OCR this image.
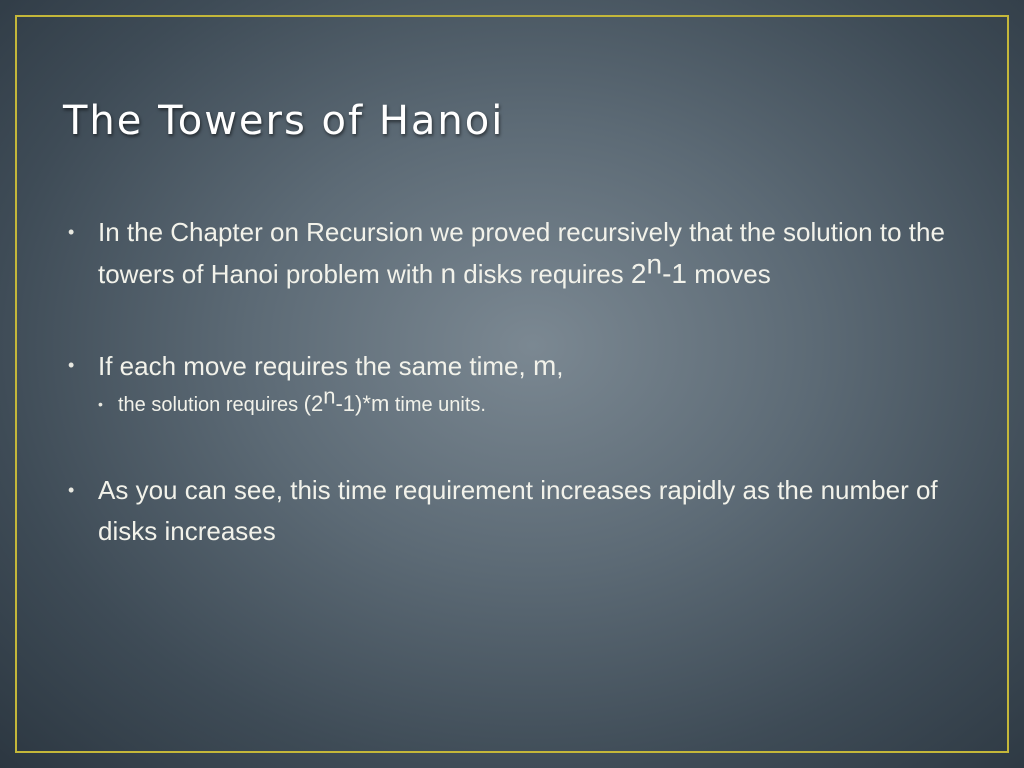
The Towers of Hanoi
• In the Chapter on Recursion we proved recursively that the solution to the towers of Hanoi problem with n disks requires 2$^n$-1 moves
• If each move requires the same time, m,
• the solution requires (2$^n$-1)*m time units.
• As you can see, this time requirement increases rapidly as the number of disks increases
